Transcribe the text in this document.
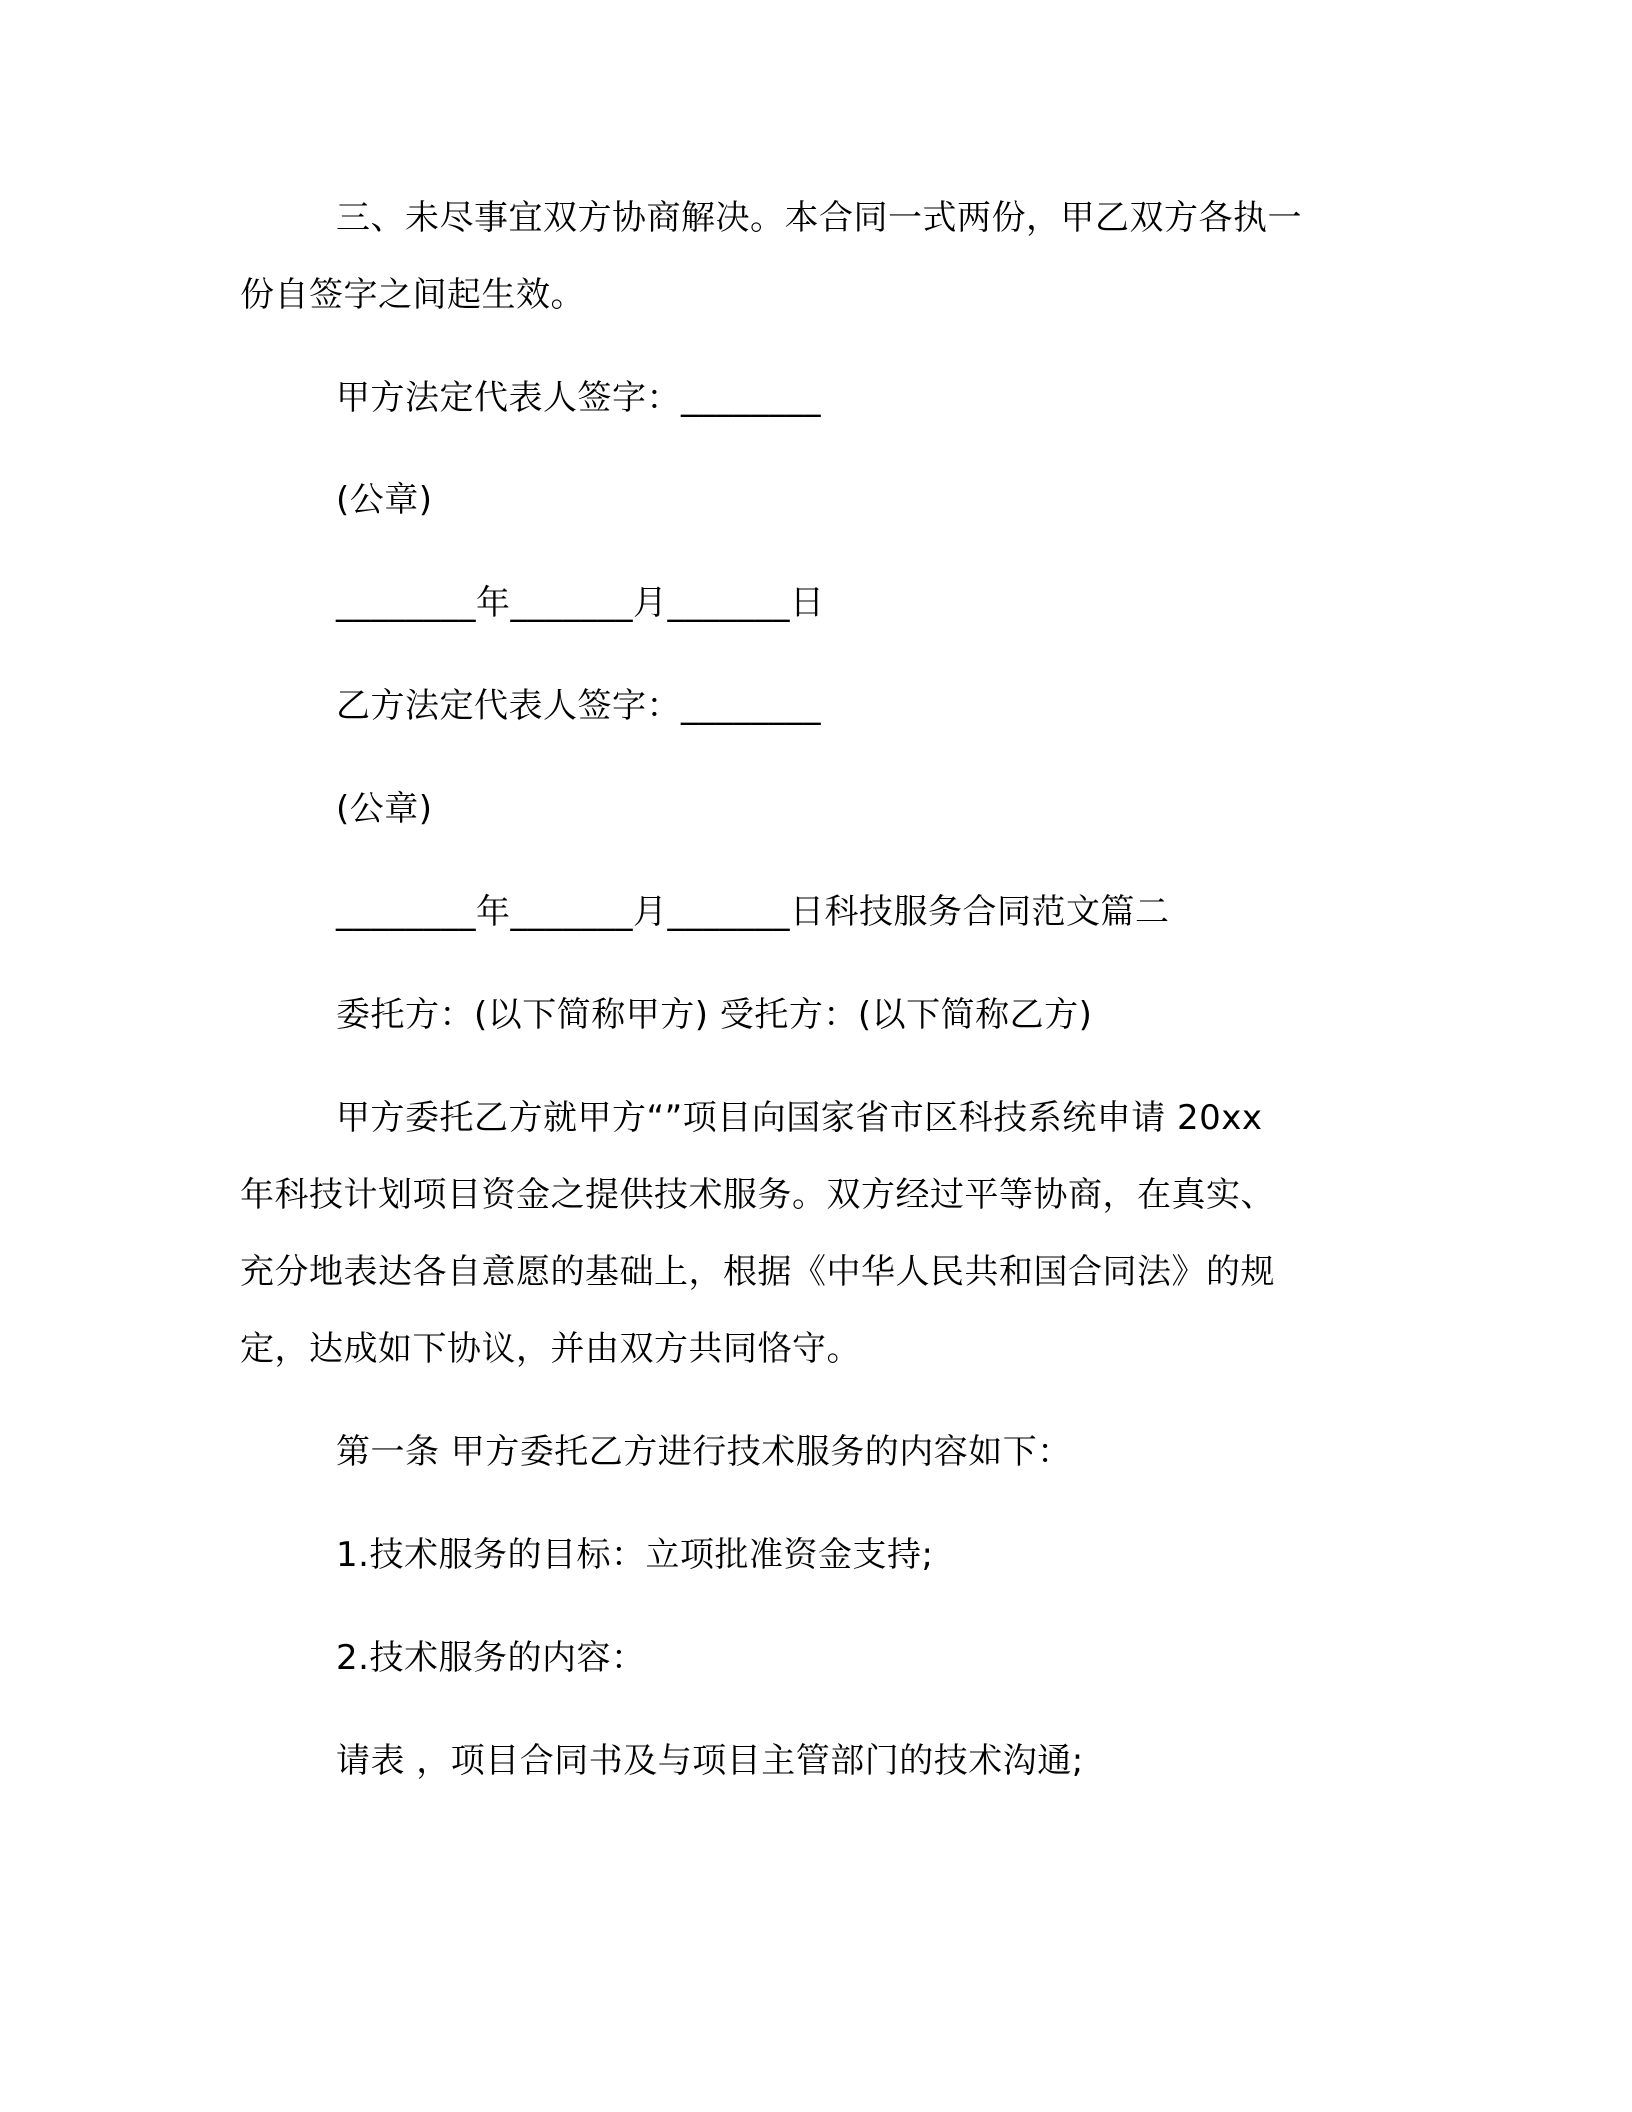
三、未尽事宜双方协商解决。本合同一式两份，甲乙双方各执一
份自签字之间起生效。
甲方法定代表人签字：________
(公章)
________年_______月_______日
乙方法定代表人签字：________
(公章)
________年_______月_______日科技服务合同范文篇二
委托方：(以下简称甲方) 受托方：(以下简称乙方)
甲方委托乙方就甲方“”项目向国家省市区科技系统申请 20xx
年科技计划项目资金之提供技术服务。双方经过平等协商，在真实、
充分地表达各自意愿的基础上，根据《中华人民共和国合同法》的规
定，达成如下协议，并由双方共同恪守。
第一条 甲方委托乙方进行技术服务的内容如下：
1.技术服务的目标：立项批准资金支持;
2.技术服务的内容：
请表 ，项目合同书及与项目主管部门的技术沟通;
